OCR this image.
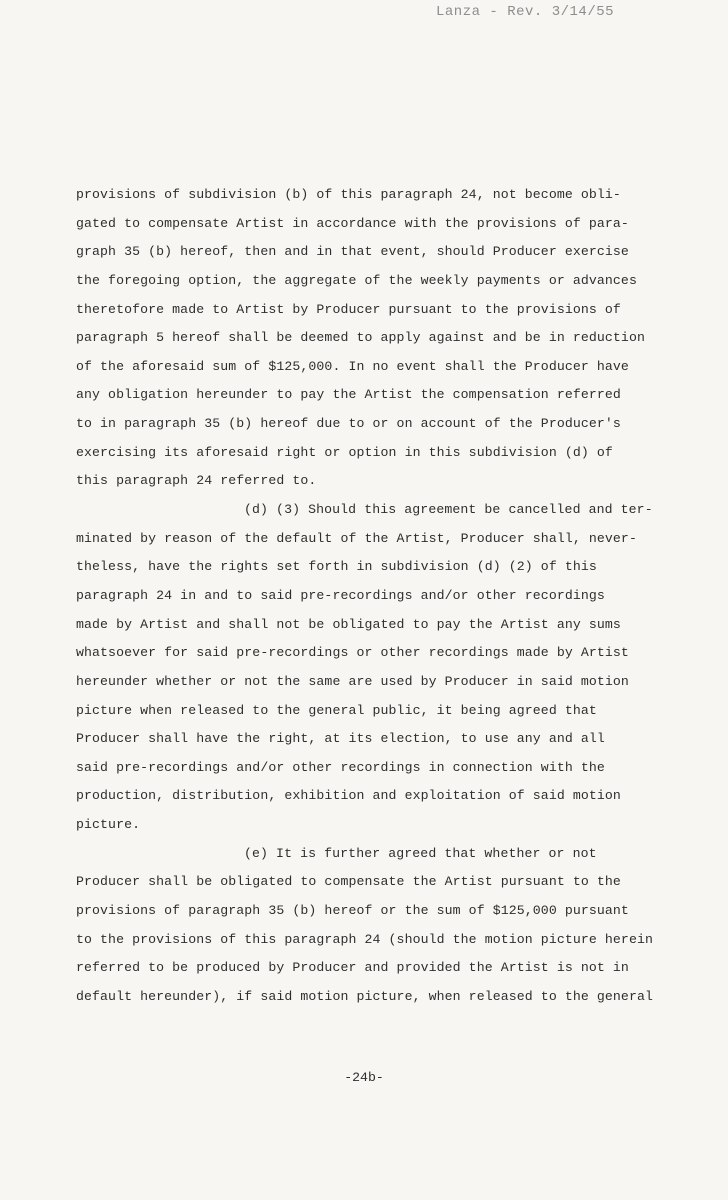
Lanza - Rev. 3/14/55
provisions of subdivision (b) of this paragraph 24, not become obli-
gated to compensate Artist in accordance with the provisions of para-
graph 35 (b) hereof, then and in that event, should Producer exercise
the foregoing option, the aggregate of the weekly payments or advances
theretofore made to Artist by Producer pursuant to the provisions of
paragraph 5 hereof shall be deemed to apply against and be in reduction
of the aforesaid sum of $125,000. In no event shall the Producer have
any obligation hereunder to pay the Artist the compensation referred
to in paragraph 35 (b) hereof due to or on account of the Producer's
exercising its aforesaid right or option in this subdivision (d) of
this paragraph 24 referred to.
(d) (3) Should this agreement be cancelled and ter-
minated by reason of the default of the Artist, Producer shall, never-
theless, have the rights set forth in subdivision (d) (2) of this
paragraph 24 in and to said pre-recordings and/or other recordings
made by Artist and shall not be obligated to pay the Artist any sums
whatsoever for said pre-recordings or other recordings made by Artist
hereunder whether or not the same are used by Producer in said motion
picture when released to the general public, it being agreed that
Producer shall have the right, at its election, to use any and all
said pre-recordings and/or other recordings in connection with the
production, distribution, exhibition and exploitation of said motion
picture.
(e) It is further agreed that whether or not
Producer shall be obligated to compensate the Artist pursuant to the
provisions of paragraph 35 (b) hereof or the sum of $125,000 pursuant
to the provisions of this paragraph 24 (should the motion picture herein
referred to be produced by Producer and provided the Artist is not in
default hereunder), if said motion picture, when released to the general
-24b-
